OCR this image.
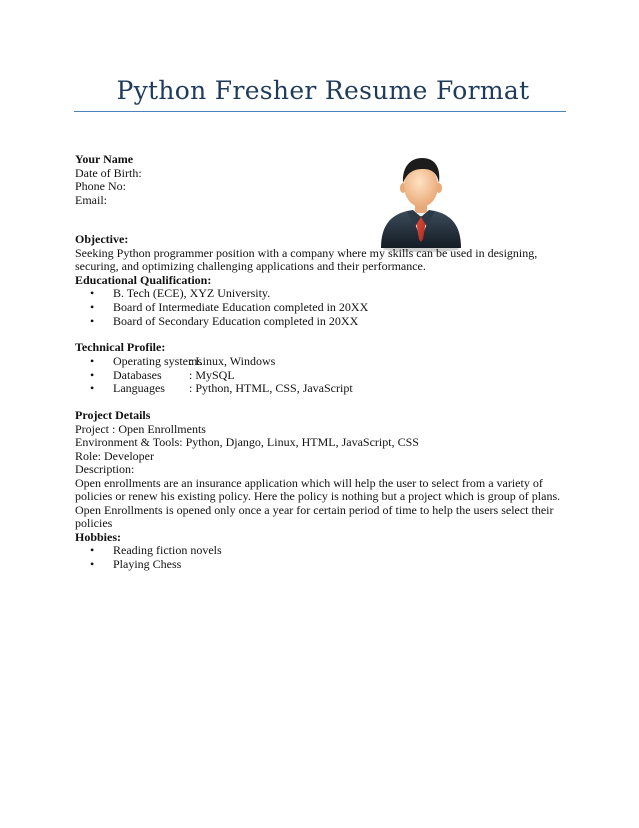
Python Fresher Resume Format

Your Name

Date of Birth:

Phone No:

Email:

Objective:

Seeking Python programmer position with a company where my skills can be used in designing, securing, and optimizing challenging applications and their performance.

Educational Qualification:

• B. Tech (ECE), XYZ University.
• Board of Intermediate Education completed in 20XX
• Board of Secondary Education completed in 20XX

Technical Profile:

• Operating systems: Linux, Windows
• Databases : MySQL
• Languages : Python, HTML, CSS, JavaScript

Project Details

Project : Open Enrollments

Environment & Tools: Python, Django, Linux, HTML, JavaScript, CSS

Role: Developer

Description:

Open enrollments are an insurance application which will help the user to select from a variety of policies or renew his existing policy. Here the policy is nothing but a project which is group of plans. Open Enrollments is opened only once a year for certain period of time to help the users select their policies

Hobbies:

• Reading fiction novels
• Playing Chess
